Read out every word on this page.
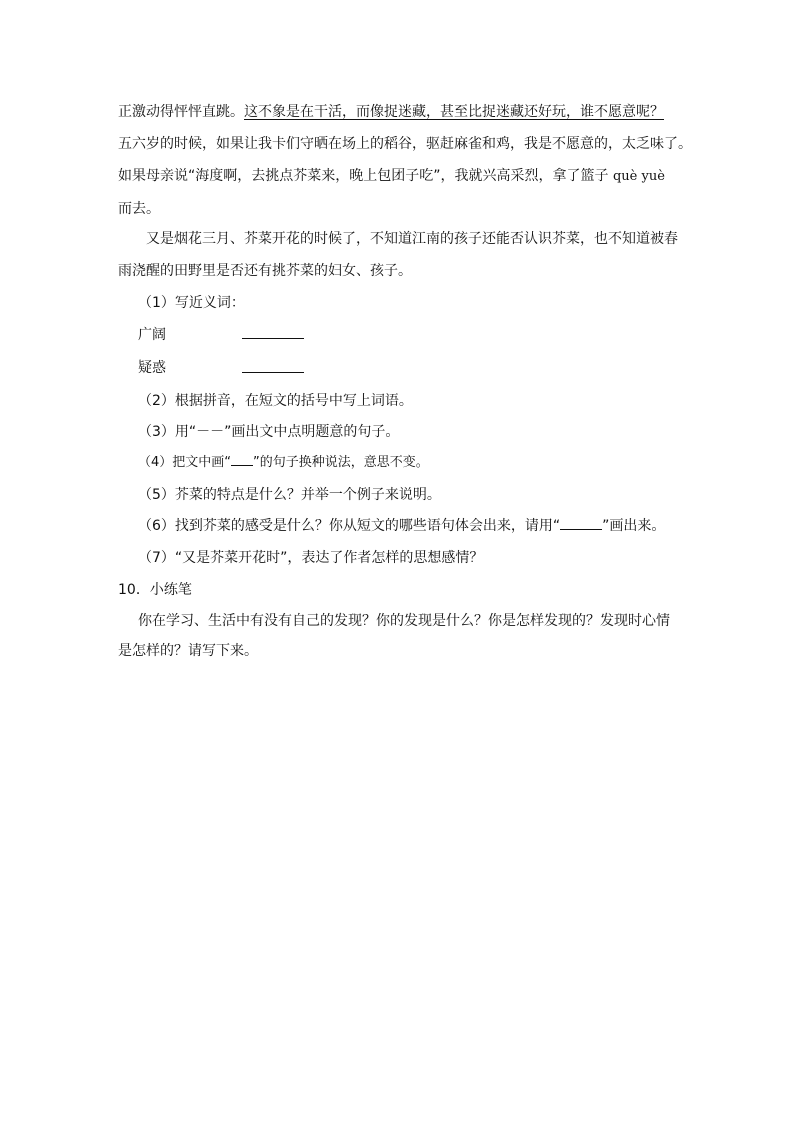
正激动得怦怦直跳。这不象是在干活，而像捉迷藏，甚至比捉迷藏还好玩，谁不愿意呢？
五六岁的时候，如果让我卡们守晒在场上的稻谷，驱赶麻雀和鸡，我是不愿意的，太乏味了。
如果母亲说“海度啊，去挑点芥菜来，晚上包团子吃”，我就兴高采烈，拿了篮子 què yuè
而去。
又是烟花三月、芥菜开花的时候了，不知道江南的孩子还能否认识芥菜，也不知道被春
雨浇醒的田野里是否还有挑芥菜的妇女、孩子。
（1）写近义词：
广阔
疑惑
（2）根据拼音，在短文的括号中写上词语。
（3）用“－－”画出文中点明题意的句子。
（4）把文中画“ ”的句子换种说法，意思不变。
（5）芥菜的特点是什么？并举一个例子来说明。
（6）找到芥菜的感受是什么？你从短文的哪些语句体会出来，请用“	”画出来。
（7）“又是芥菜开花时”，表达了作者怎样的思想感情？
10．小练笔
你在学习、生活中有没有自己的发现？你的发现是什么？你是怎样发现的？发现时心情
是怎样的？请写下来。
